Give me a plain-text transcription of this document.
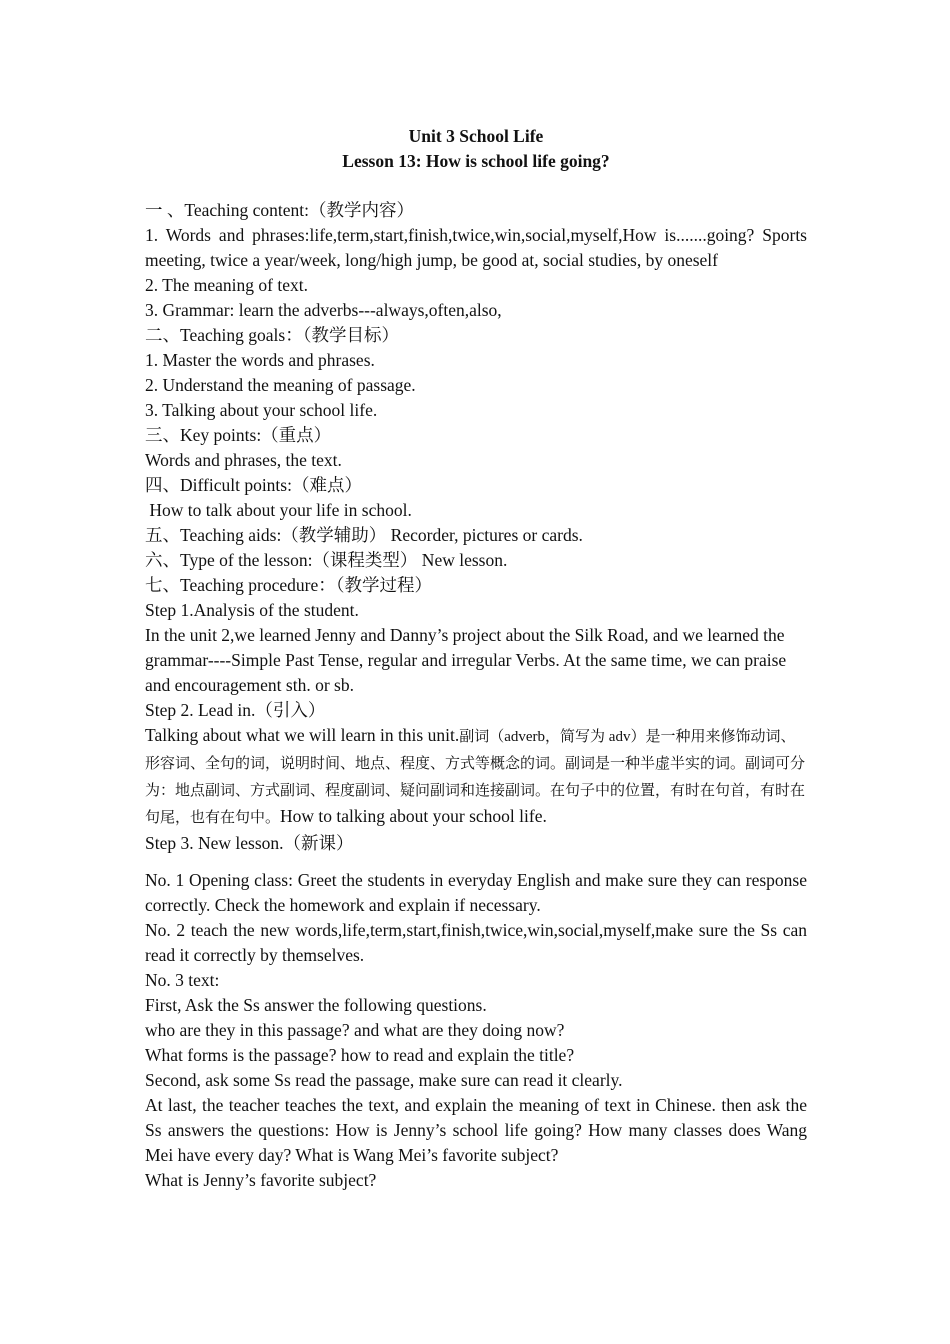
Unit 3 School Life

Lesson 13: How is school life going?

一 、Teaching content:（教学内容）

1. Words and phrases:life,term,start,finish,twice,win,social,myself,How is.......going? Sports meeting, twice a year/week, long/high jump, be good at, social studies, by oneself

2. The meaning of text.

3. Grammar: learn the adverbs---always,often,also,

二、Teaching goals：（教学目标）

1. Master the words and phrases.

2. Understand the meaning of passage.

3. Talking about your school life.

三、Key points:（重点）

Words and phrases, the text.

四、Difficult points:（难点）

How to talk about your life in school.

五、Teaching aids:（教学辅助） Recorder, pictures or cards.

六、Type of the lesson:（课程类型） New lesson.

七、Teaching procedure：（教学过程）

Step 1.Analysis of the student.

In the unit 2,we learned Jenny and Danny’s project about the Silk Road, and we learned the grammar----Simple Past Tense, regular and irregular Verbs. At the same time, we can praise and encouragement sth. or sb.

Step 2. Lead in.（引入）

Talking about what we will learn in this unit.副词（adverb，简写为 adv）是一种用来修饰动词、形容词、全句的词，说明时间、地点、程度、方式等概念的词。副词是一种半虚半实的词。副词可分为：地点副词、方式副词、程度副词、疑问副词和连接副词。在句子中的位置，有时在句首，有时在句尾，也有在句中。How to talking about your school life.

Step 3. New lesson.（新课）

No. 1 Opening class: Greet the students in everyday English and make sure they can response correctly. Check the homework and explain if necessary.

No. 2 teach the new words,life,term,start,finish,twice,win,social,myself,make sure the Ss can read it correctly by themselves.

No. 3 text:

First, Ask the Ss answer the following questions.

who are they in this passage? and what are they doing now?

What forms is the passage? how to read and explain the title?

Second, ask some Ss read the passage, make sure can read it clearly.

At last, the teacher teaches the text, and explain the meaning of text in Chinese. then ask the Ss answers the questions: How is Jenny’s school life going? How many classes does Wang Mei have every day? What is Wang Mei’s favorite subject?

What is Jenny’s favorite subject?
